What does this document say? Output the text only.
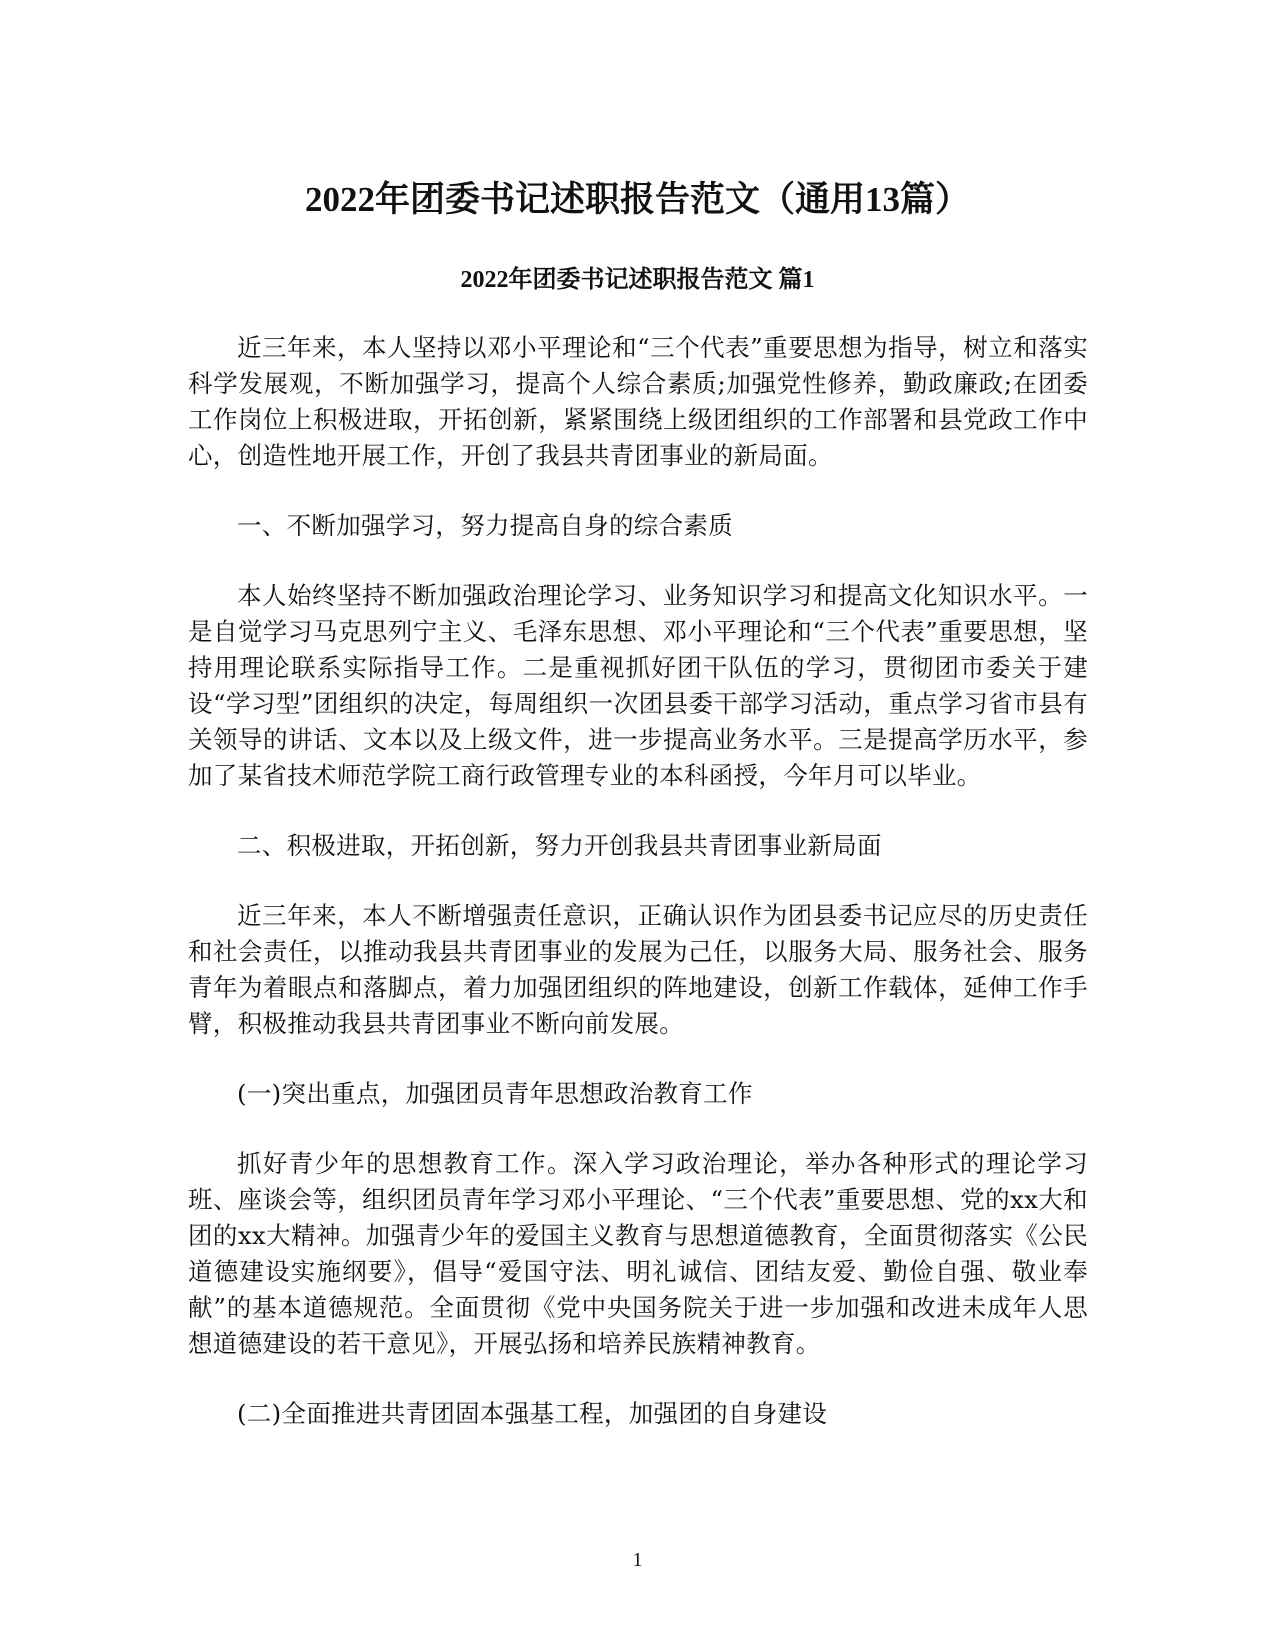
2022年团委书记述职报告范文（通用13篇）
2022年团委书记述职报告范文 篇1

近三年来，本人坚持以邓小平理论和“三个代表”重要思想为指导，树立和落实科学发展观，不断加强学习，提高个人综合素质;加强党性修养，勤政廉政;在团委工作岗位上积极进取，开拓创新，紧紧围绕上级团组织的工作部署和县党政工作中心，创造性地开展工作，开创了我县共青团事业的新局面。

一、不断加强学习，努力提高自身的综合素质

本人始终坚持不断加强政治理论学习、业务知识学习和提高文化知识水平。一是自觉学习马克思列宁主义、毛泽东思想、邓小平理论和“三个代表”重要思想，坚持用理论联系实际指导工作。二是重视抓好团干队伍的学习，贯彻团市委关于建设“学习型”团组织的决定，每周组织一次团县委干部学习活动，重点学习省市县有关领导的讲话、文本以及上级文件，进一步提高业务水平。三是提高学历水平，参加了某省技术师范学院工商行政管理专业的本科函授，今年月可以毕业。

二、积极进取，开拓创新，努力开创我县共青团事业新局面

近三年来，本人不断增强责任意识，正确认识作为团县委书记应尽的历史责任和社会责任，以推动我县共青团事业的发展为己任，以服务大局、服务社会、服务青年为着眼点和落脚点，着力加强团组织的阵地建设，创新工作载体，延伸工作手臂，积极推动我县共青团事业不断向前发展。

(一)突出重点，加强团员青年思想政治教育工作

抓好青少年的思想教育工作。深入学习政治理论，举办各种形式的理论学习班、座谈会等，组织团员青年学习邓小平理论、“三个代表”重要思想、党的xx大和团的xx大精神。加强青少年的爱国主义教育与思想道德教育，全面贯彻落实《公民道德建设实施纲要》，倡导“爱国守法、明礼诚信、团结友爱、勤俭自强、敬业奉献”的基本道德规范。全面贯彻《党中央国务院关于进一步加强和改进未成年人思想道德建设的若干意见》，开展弘扬和培养民族精神教育。

(二)全面推进共青团固本强基工程，加强团的自身建设

1
